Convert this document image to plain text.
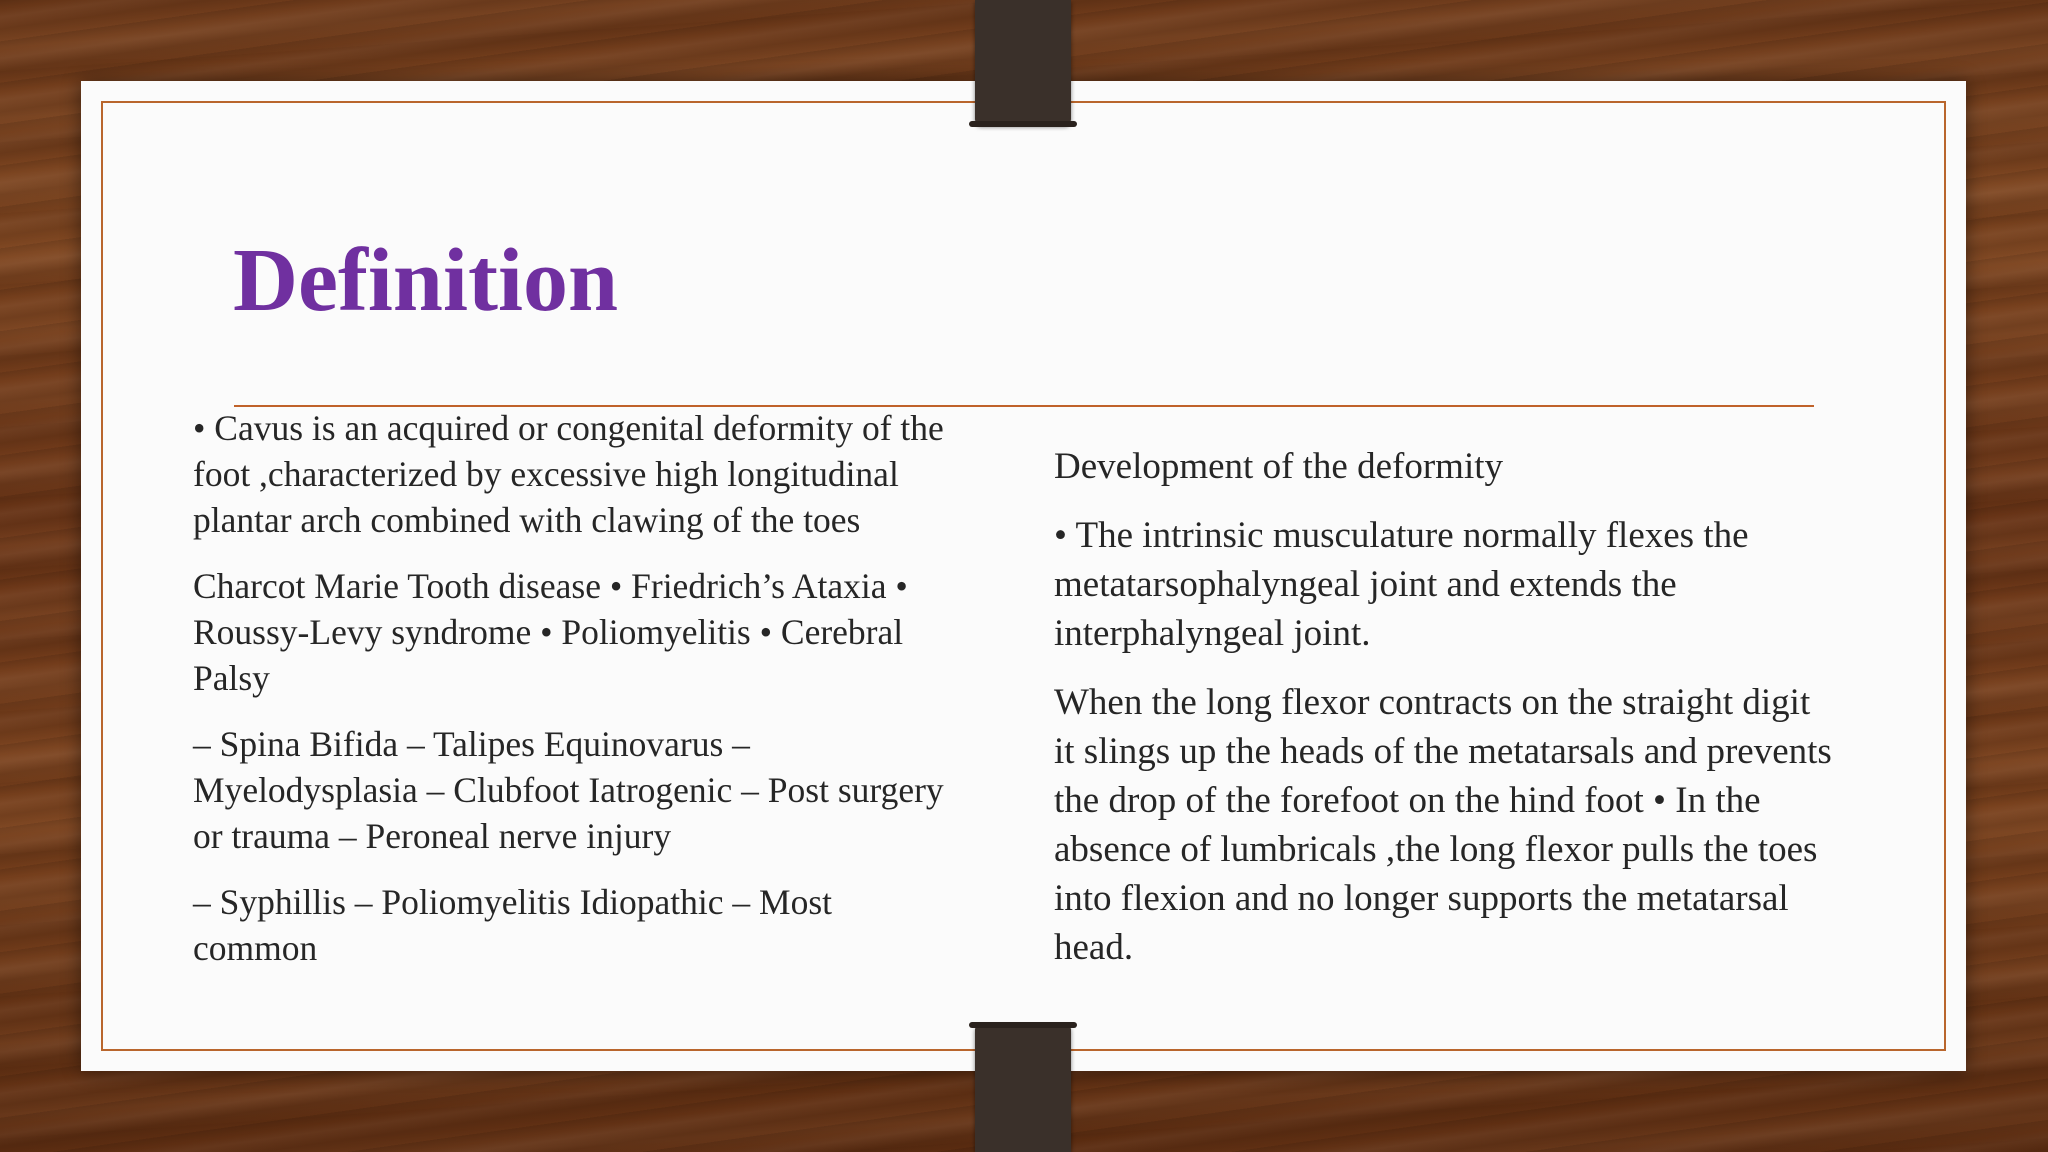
Definition

• Cavus is an acquired or congenital deformity of the foot ,characterized by excessive high longitudinal plantar arch combined with clawing of the toes

Charcot Marie Tooth disease • Friedrich’s Ataxia • Roussy-Levy syndrome • Poliomyelitis • Cerebral Palsy

– Spina Bifida – Talipes Equinovarus – Myelodysplasia – Clubfoot Iatrogenic – Post surgery or trauma – Peroneal nerve injury

– Syphillis – Poliomyelitis Idiopathic – Most common

Development of the deformity

• The intrinsic musculature normally flexes the metatarsophalyngeal joint and extends the interphalyngeal joint.

When the long flexor contracts on the straight digit it slings up the heads of the metatarsals and prevents the drop of the forefoot on the hind foot • In the absence of lumbricals ,the long flexor pulls the toes into flexion and no longer supports the metatarsal head.
